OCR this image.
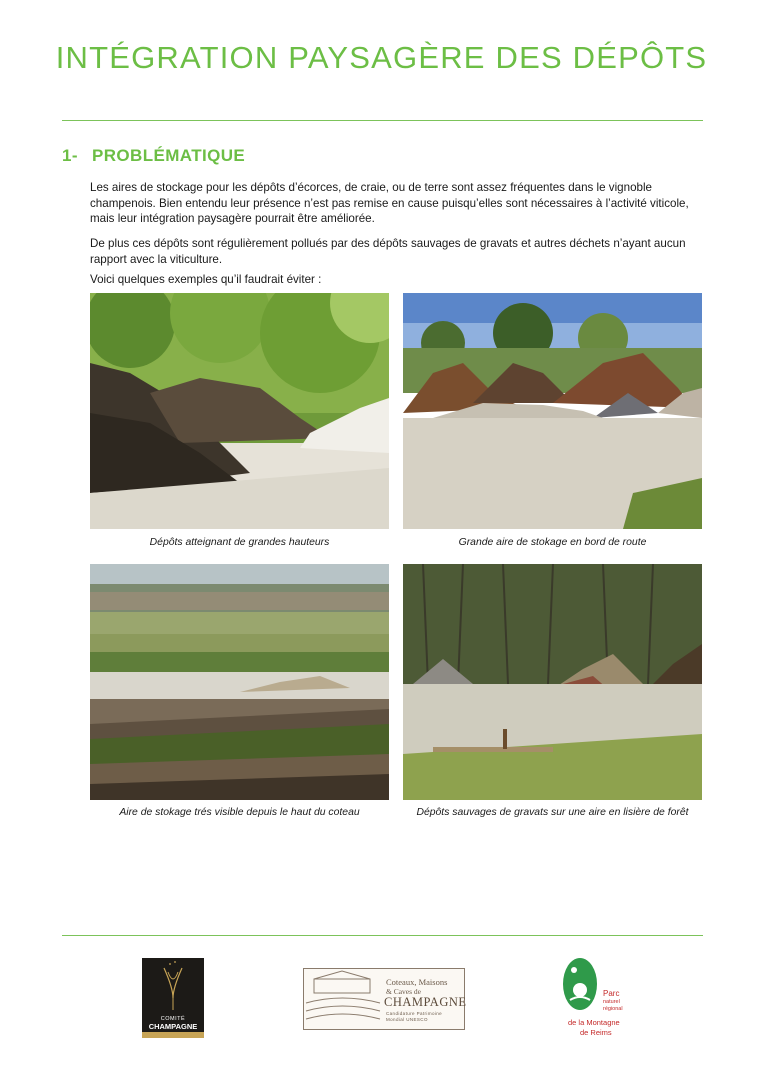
INTÉGRATION PAYSAGÈRE DES DÉPÔTS
1- PROBLÉMATIQUE
Les aires de stockage pour les dépôts d’écorces, de craie, ou de terre sont assez fréquentes dans le vignoble champenois. Bien entendu leur présence n’est pas remise en cause puisqu’elles sont nécessaires à l’activité viticole, mais leur intégration paysagère pourrait être améliorée.
De plus ces dépôts sont régulièrement pollués par des dépôts sauvages de gravats et autres déchets n’ayant aucun rapport avec la viticulture.
Voici quelques exemples qu’il faudrait éviter :
Dépôts atteignant de grandes hauteurs	Grande aire de stokage en bord de route
Aire de stokage trés visible depuis le haut du coteau	Dépôts sauvages de gravats sur une aire en lisière de forêt
COMITÉ
CHAMPAGNE
Coteaux, Maisons
& Caves de
CHAMPAGNE
Candidature Patrimoine
Mondial UNESCO
Parc
naturel
régional
de la Montagne
de Reims
